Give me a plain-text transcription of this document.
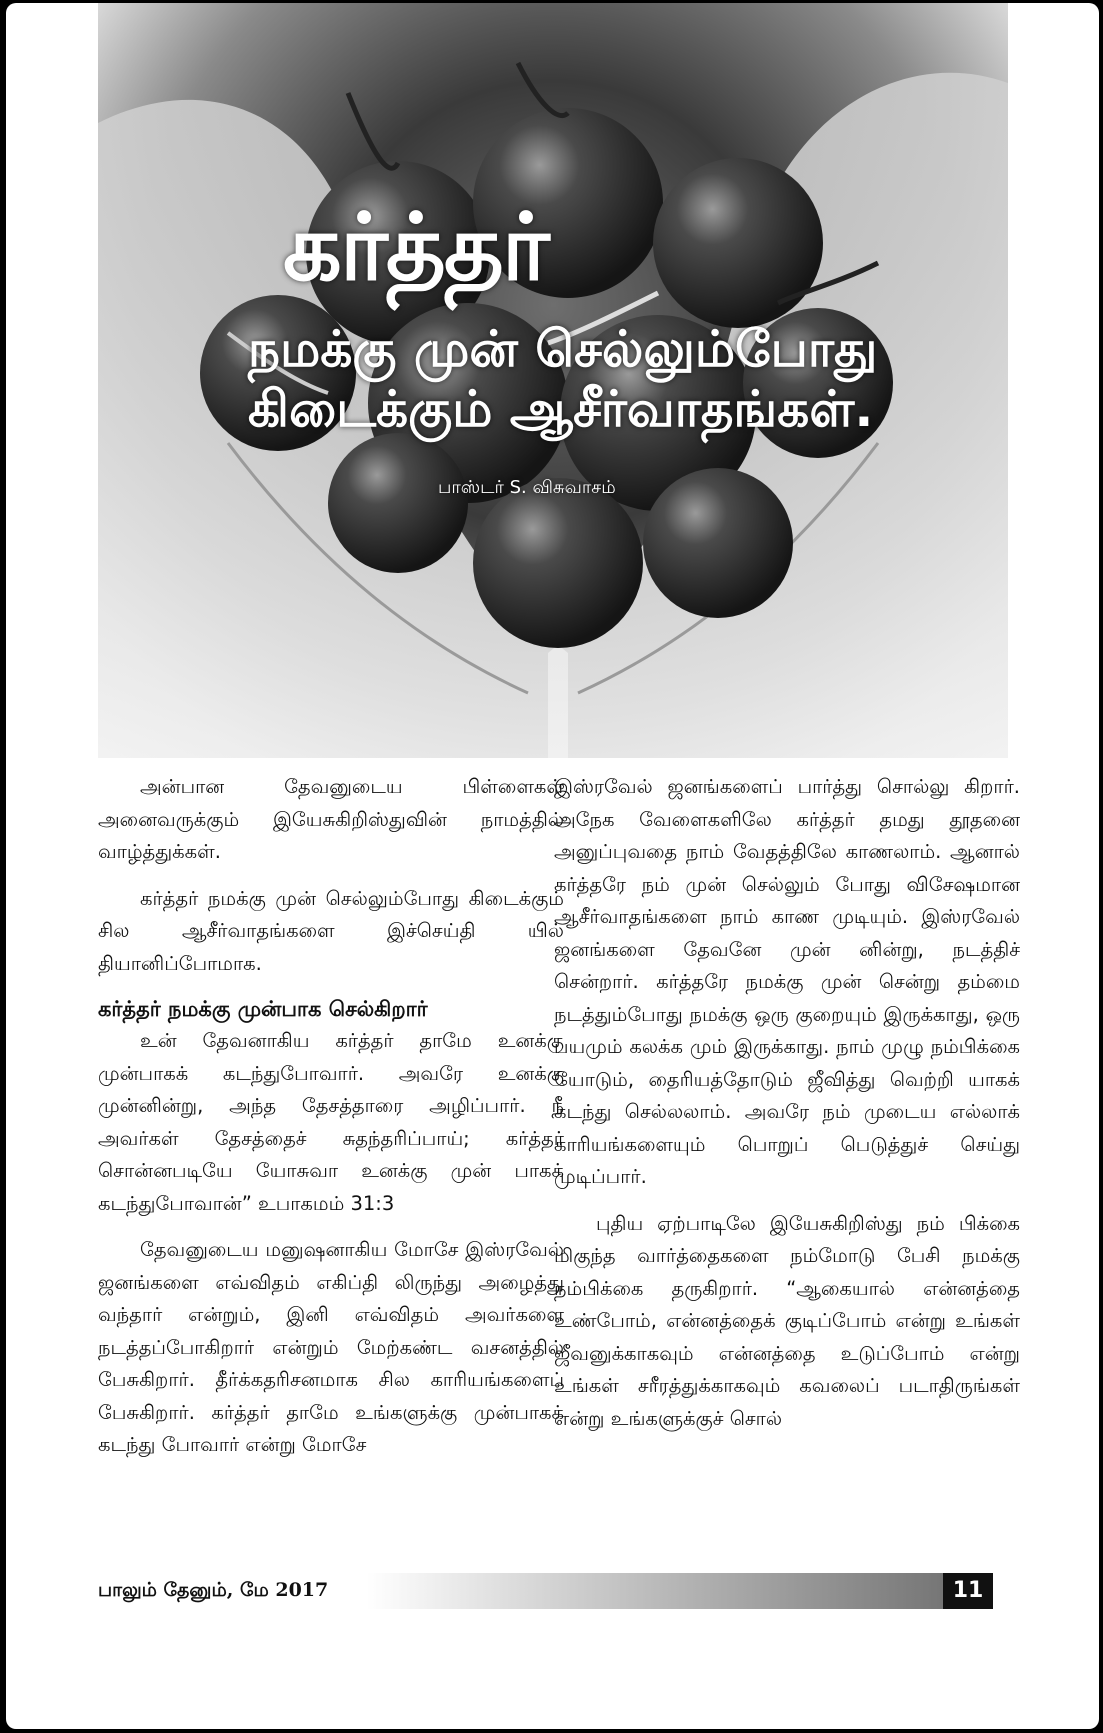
கர்த்தர்
நமக்கு முன் செல்லும்போது
கிடைக்கும் ஆசீர்வாதங்கள்.
பாஸ்டர் S. விசுவாசம்

அன்பான தேவனுடைய பிள்ளைகள் அனைவருக்கும் இயேசுகிறிஸ்துவின் நாமத்தில் வாழ்த்துக்கள்.

கர்த்தர் நமக்கு முன் செல்லும்போது கிடைக்கும் சில ஆசீர்வாதங்களை இச்செய்தி யில் தியானிப்போமாக.

கர்த்தர் நமக்கு முன்பாக செல்கிறார்

உன் தேவனாகிய கர்த்தர் தாமே உனக்கு முன்பாகக் கடந்துபோவார். அவரே உனக்கு முன்னின்று, அந்த தேசத்தாரை அழிப்பார். நீ அவர்கள் தேசத்தைச் சுதந்தரிப்பாய்; கர்த்தர் சொன்னபடியே யோசுவா உனக்கு முன் பாகக் கடந்துபோவான்” உபாகமம் 31:3

தேவனுடைய மனுஷனாகிய மோசே இஸ்ரவேல் ஜனங்களை எவ்விதம் எகிப்தி லிருந்து அழைத்து வந்தார் என்றும், இனி எவ்விதம் அவர்களை நடத்தப்போகிறார் என்றும் மேற்கண்ட வசனத்தில் பேசுகிறார். தீர்க்கதரிசனமாக சில காரியங்களைப் பேசுகிறார். கர்த்தர் தாமே உங்களுக்கு முன்பாகக் கடந்து போவார் என்று மோசே

இஸ்ரவேல் ஜனங்களைப் பார்த்து சொல்லு கிறார். அநேக வேளைகளிலே கர்த்தர் தமது தூதனை அனுப்புவதை நாம் வேதத்திலே காணலாம். ஆனால் கர்த்தரே நம் முன் செல்லும் போது விசேஷமான ஆசீர்வாதங்களை நாம் காண முடியும். இஸ்ரவேல் ஜனங்களை தேவனே முன் னின்று, நடத்திச் சென்றார். கர்த்தரே நமக்கு முன் சென்று தம்மை நடத்தும்போது நமக்கு ஒரு குறையும் இருக்காது, ஒரு பயமும் கலக்க மும் இருக்காது. நாம் முழு நம்பிக்கை யோடும், தைரியத்தோடும் ஜீவித்து வெற்றி யாகக் கடந்து செல்லலாம். அவரே நம் முடைய எல்லாக் காரியங்களையும் பொறுப் பெடுத்துச் செய்து முடிப்பார்.

புதிய ஏற்பாடிலே இயேசுகிறிஸ்து நம் பிக்கை மிகுந்த வார்த்தைகளை நம்மோடு பேசி நமக்கு நம்பிக்கை தருகிறார். “ஆகையால் என்னத்தை உண்போம், என்னத்தைக் குடிப்போம் என்று உங்கள் ஜீவனுக்காகவும் என்னத்தை உடுப்போம் என்று உங்கள் சரீரத்துக்காகவும் கவலைப் படாதிருங்கள் என்று உங்களுக்குச் சொல்

பாலும் தேனும், மே 2017	11
